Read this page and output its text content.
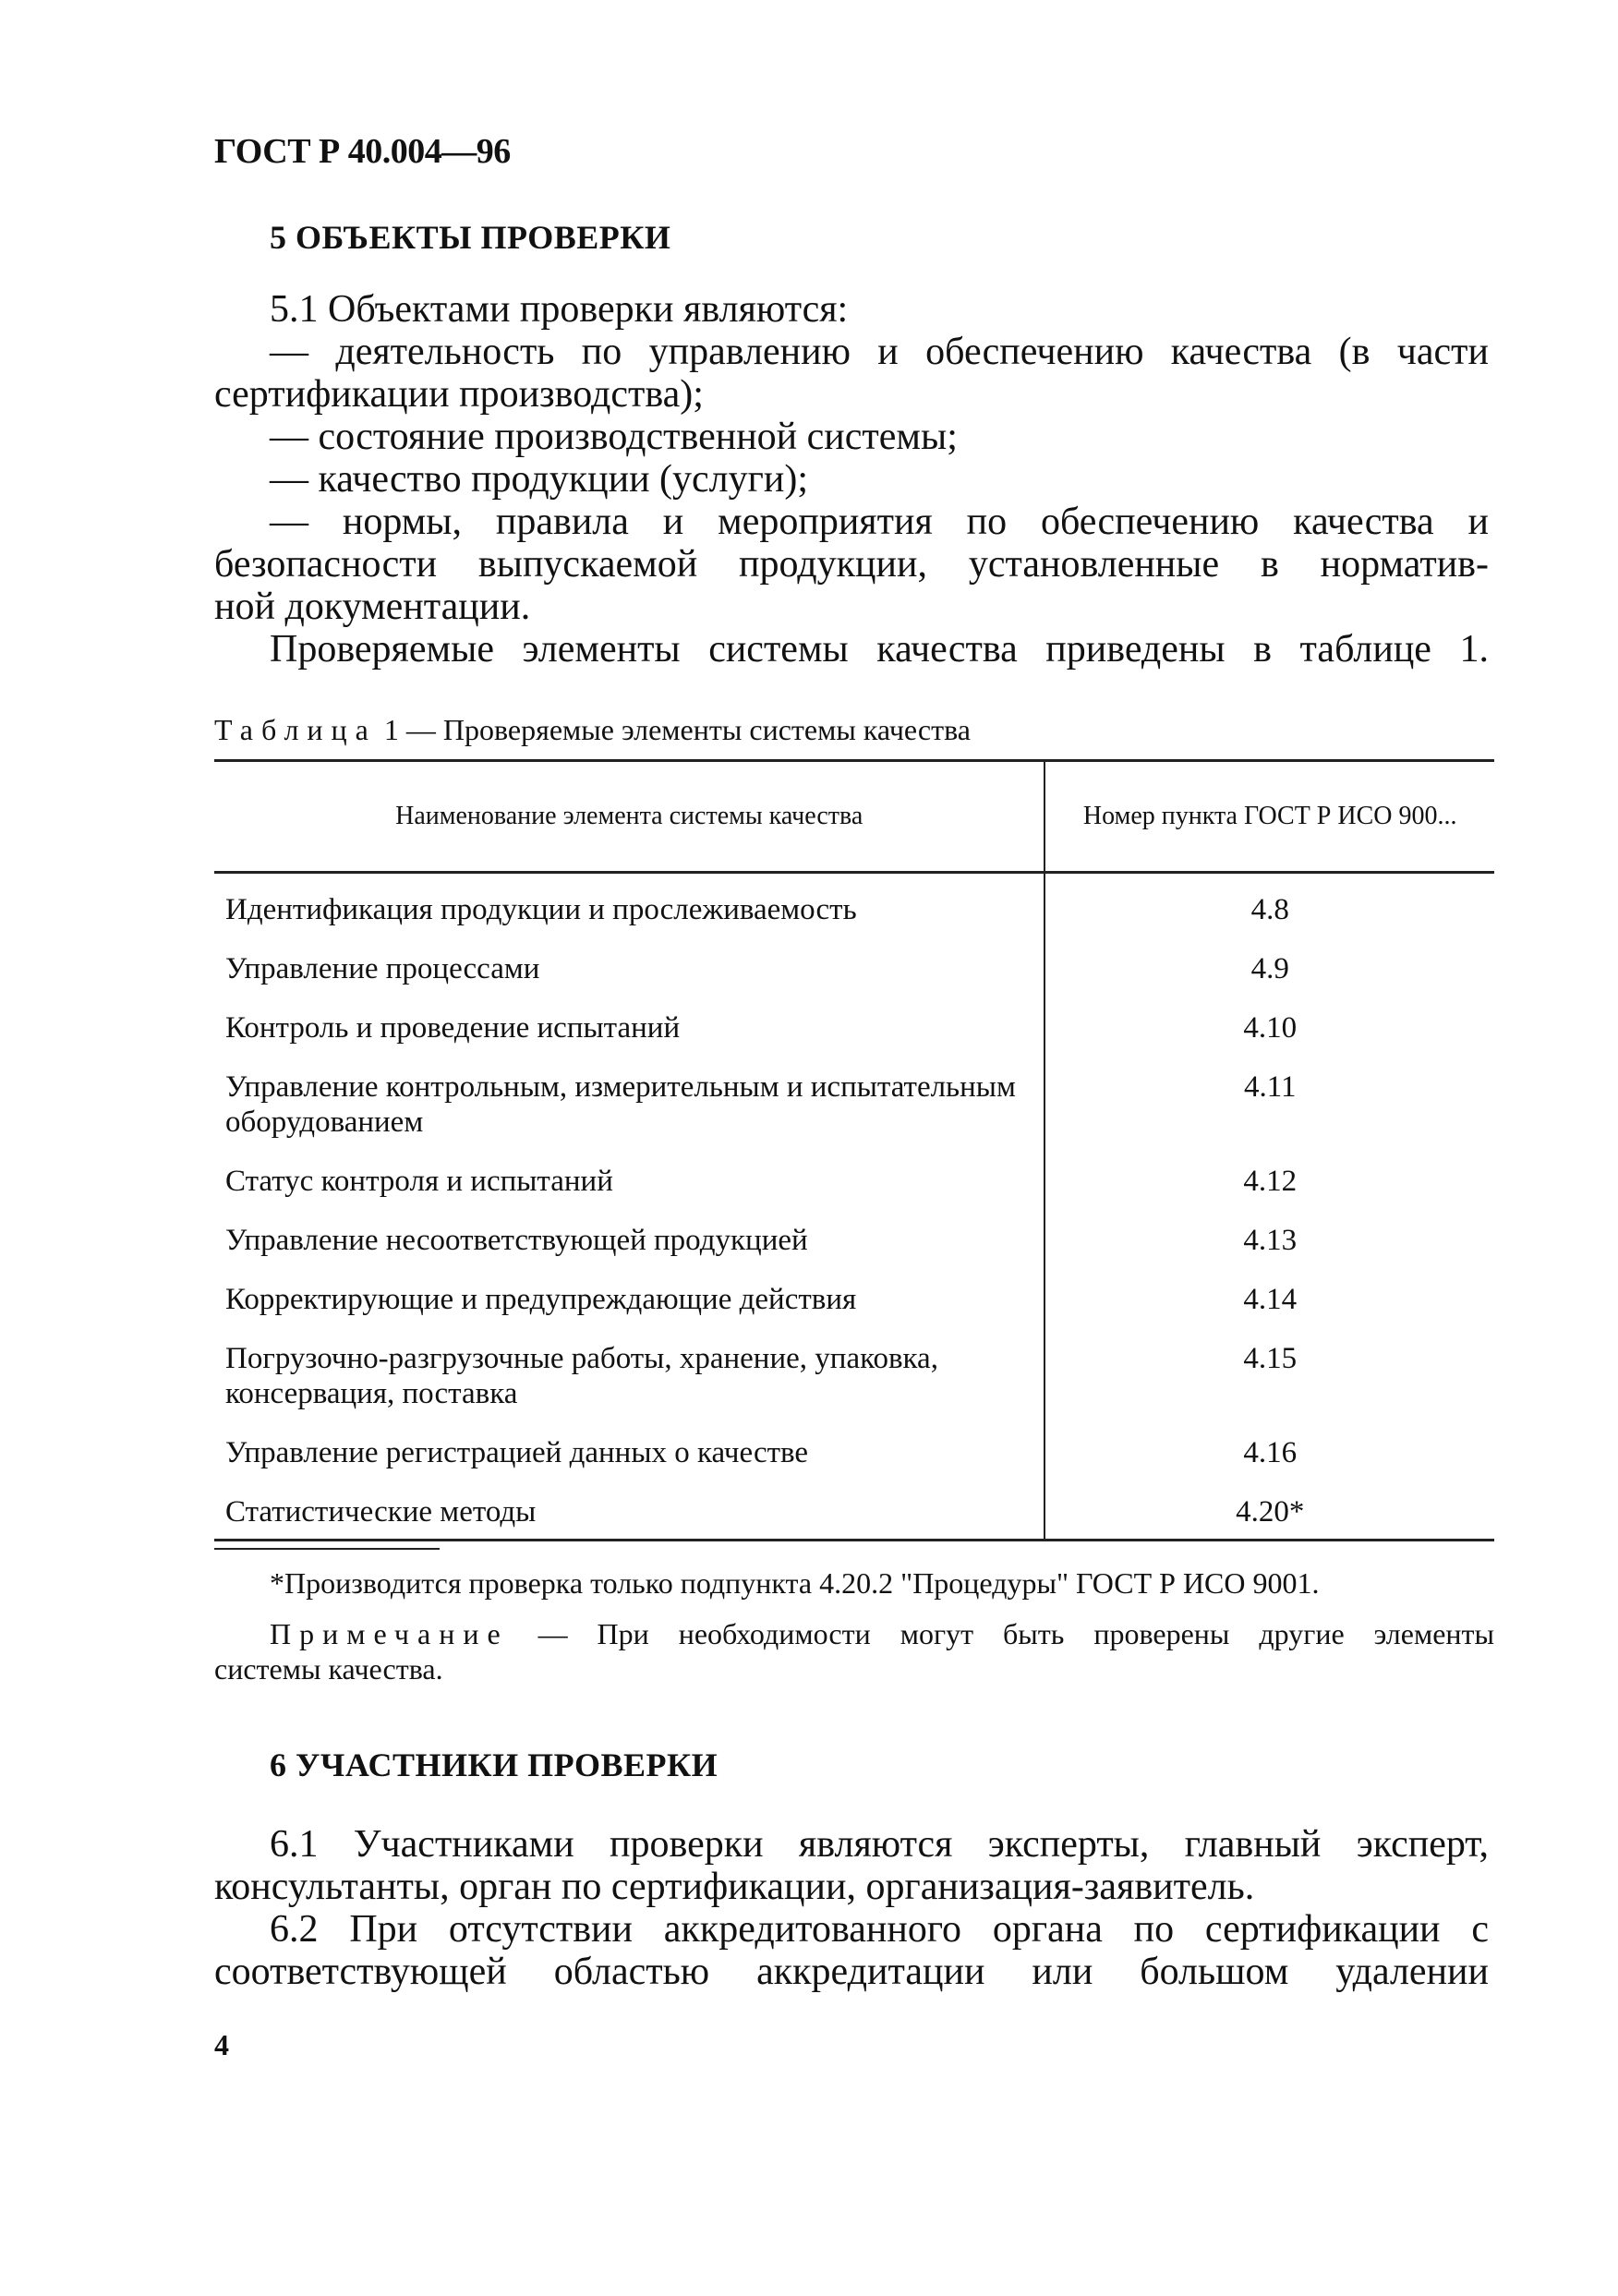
ГОСТ Р 40.004—96
5 ОБЪЕКТЫ ПРОВЕРКИ
5.1 Объектами проверки являются:
— деятельность по управлению и обеспечению качества (в части
сертификации производства);
— состояние производственной системы;
— качество продукции (услуги);
— нормы, правила и мероприятия по обеспечению качества и
безопасности выпускаемой продукции, установленные в норматив-
ной документации.
Проверяемые элементы системы качества приведены в таблице 1.
Таблица 1 — Проверяемые элементы системы качества
Наименование элемента системы качества	Номер пункта ГОСТ Р ИСО 900...
Идентификация продукции и прослеживаемость	4.8
Управление процессами	4.9
Контроль и проведение испытаний	4.10
Управление контрольным, измерительным и испытательным оборудованием	4.11
Статус контроля и испытаний	4.12
Управление несоответствующей продукцией	4.13
Корректирующие и предупреждающие действия	4.14
Погрузочно-разгрузочные работы, хранение, упаковка, консервация, поставка	4.15
Управление регистрацией данных о качестве	4.16
Статистические методы	4.20*
*Производится проверка только подпункта 4.20.2 "Процедуры" ГОСТ Р ИСО 9001.
Примечание — При необходимости могут быть проверены другие элементы
системы качества.
6 УЧАСТНИКИ ПРОВЕРКИ
6.1 Участниками проверки являются эксперты, главный эксперт,
консультанты, орган по сертификации, организация-заявитель.
6.2 При отсутствии аккредитованного органа по сертификации с
соответствующей областью аккредитации или большом удалении
4
